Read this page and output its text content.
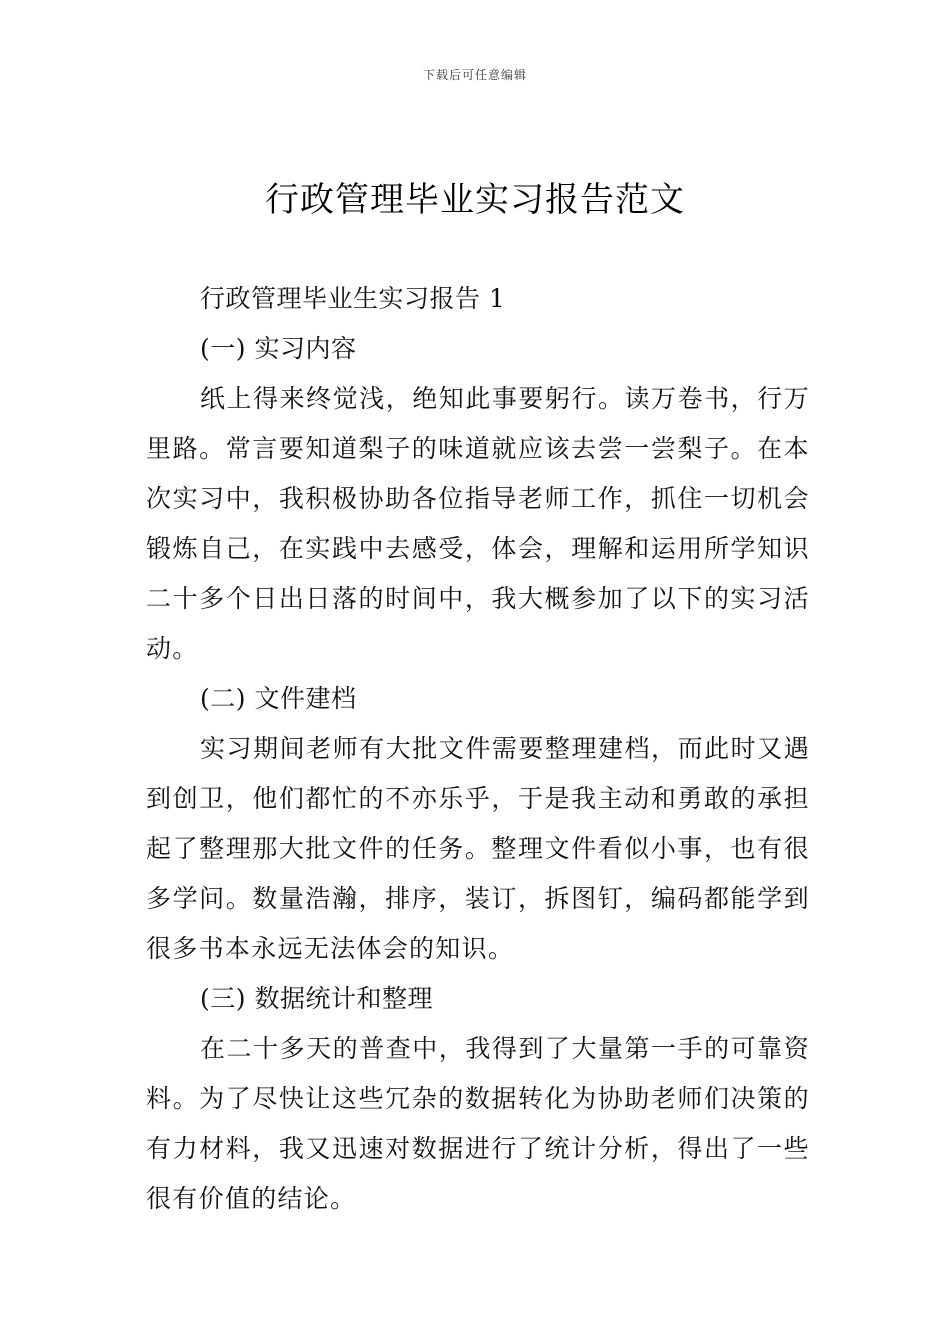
下载后可任意编辑
行政管理毕业实习报告范文

行政管理毕业生实习报告 1

(一) 实习内容

纸上得来终觉浅，绝知此事要躬行。读万卷书，行万里路。常言要知道梨子的味道就应该去尝一尝梨子。在本次实习中，我积极协助各位指导老师工作，抓住一切机会锻炼自己，在实践中去感受，体会，理解和运用所学知识二十多个日出日落的时间中，我大概参加了以下的实习活动。

(二) 文件建档

实习期间老师有大批文件需要整理建档，而此时又遇到创卫，他们都忙的不亦乐乎，于是我主动和勇敢的承担起了整理那大批文件的任务。整理文件看似小事，也有很多学问。数量浩瀚，排序，装订，拆图钉，编码都能学到很多书本永远无法体会的知识。

(三) 数据统计和整理

在二十多天的普查中，我得到了大量第一手的可靠资料。为了尽快让这些冗杂的数据转化为协助老师们决策的有力材料，我又迅速对数据进行了统计分析，得出了一些很有价值的结论。
